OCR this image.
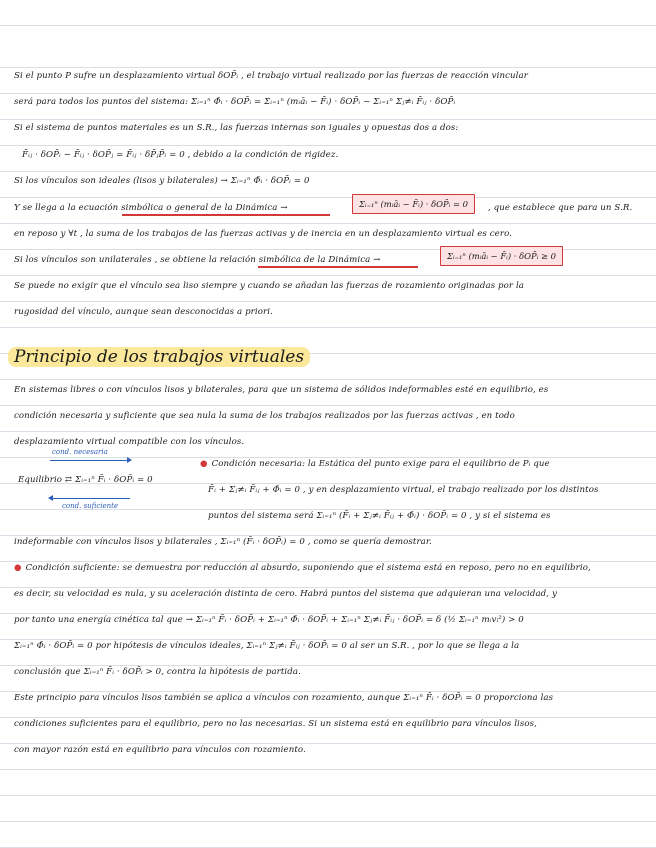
Si el punto P sufre un desplazamiento virtual δOP̄ᵢ , el trabajo virtual realizado por las fuerzas de reacción vincular
será para todos los puntos del sistema: Σᵢ₌₁ⁿ Φ̄ᵢ · δOP̄ᵢ = Σᵢ₌₁ⁿ (mᵢāᵢ − F̄ᵢ) · δOP̄ᵢ − Σᵢ₌₁ⁿ Σⱼ≠ᵢ F̄ᵢⱼ · δOP̄ᵢ
Si el sistema de puntos materiales es un S.R., las fuerzas internas son iguales y opuestas dos a dos:
F̄ᵢⱼ · δOP̄ᵢ − F̄ᵢⱼ · δOP̄ⱼ = F̄ᵢⱼ · δP̄ⱼP̄ᵢ = 0 , debido a la condición de rigidez.
Si los vínculos son ideales (lisos y bilaterales) → Σᵢ₌₁ⁿ Φ̄ᵢ · δOP̄ᵢ = 0
Y se llega a la ecuación simbólica o general de la Dinámica →	Σᵢ₌₁ⁿ (mᵢāᵢ − F̄ᵢ) · δOP̄ᵢ = 0	, que establece que para un S.R.
en reposo y ∀t , la suma de los trabajos de las fuerzas activas y de inercia en un desplazamiento virtual es cero.
Si los vínculos son unilaterales , se obtiene la relación simbólica de la Dinámica →	Σᵢ₌₁ⁿ (mᵢāᵢ − F̄ᵢ) · δOP̄ᵢ ≥ 0
Se puede no exigir que el vínculo sea liso siempre y cuando se añadan las fuerzas de rozamiento originadas por la
rugosidad del vínculo, aunque sean desconocidas a priori.
Principio de los trabajos virtuales
En sistemas libres o con vínculos lisos y bilaterales, para que un sistema de sólidos indeformables esté en equilibrio, es
condición necesaria y suficiente que sea nula la suma de los trabajos realizados por las fuerzas activas , en todo
desplazamiento virtual compatible con los vínculos.
cond. necesaria
Equilibrio ⇄ Σᵢ₌₁ⁿ F̄ᵢ · δOP̄ᵢ = 0
cond. suficiente
● Condición necesaria: la Estática del punto exige para el equilibrio de Pᵢ que
F̄ᵢ + Σⱼ≠ᵢ F̄ᵢⱼ + Φ̄ᵢ = 0 , y en desplazamiento virtual, el trabajo realizado por los distintos
puntos del sistema será Σᵢ₌₁ⁿ (F̄ᵢ + Σⱼ≠ᵢ F̄ᵢⱼ + Φ̄ᵢ) · δOP̄ᵢ = 0 , y si el sistema es
indeformable con vínculos lisos y bilaterales , Σᵢ₌₁ⁿ (F̄ᵢ · δOP̄ᵢ) = 0 , como se quería demostrar.
● Condición suficiente: se demuestra por reducción al absurdo, suponiendo que el sistema está en reposo, pero no en equilibrio,
es decir, su velocidad es nula, y su aceleración distinta de cero. Habrá puntos del sistema que adquieran una velocidad, y
por tanto una energía cinética tal que → Σᵢ₌₁ⁿ F̄ᵢ · δOP̄ᵢ + Σᵢ₌₁ⁿ Φ̄ᵢ · δOP̄ᵢ + Σᵢ₌₁ⁿ Σⱼ≠ᵢ F̄ᵢⱼ · δOP̄ᵢ = δ (½ Σᵢ₌₁ⁿ mᵢvᵢ²) > 0
Σᵢ₌₁ⁿ Φ̄ᵢ · δOP̄ᵢ = 0 por hipótesis de vínculos ideales, Σᵢ₌₁ⁿ Σⱼ≠ᵢ F̄ᵢⱼ · δOP̄ᵢ = 0 al ser un S.R. , por lo que se llega a la
conclusión que Σᵢ₌₁ⁿ F̄ᵢ · δOP̄ᵢ > 0, contra la hipótesis de partida.
Este principio para vínculos lisos también se aplica a vínculos con rozamiento, aunque Σᵢ₌₁ⁿ F̄ᵢ · δOP̄ᵢ = 0 proporciona las
condiciones suficientes para el equilibrio, pero no las necesarias. Si un sistema está en equilibrio para vínculos lisos,
con mayor razón está en equilibrio para vínculos con rozamiento.
